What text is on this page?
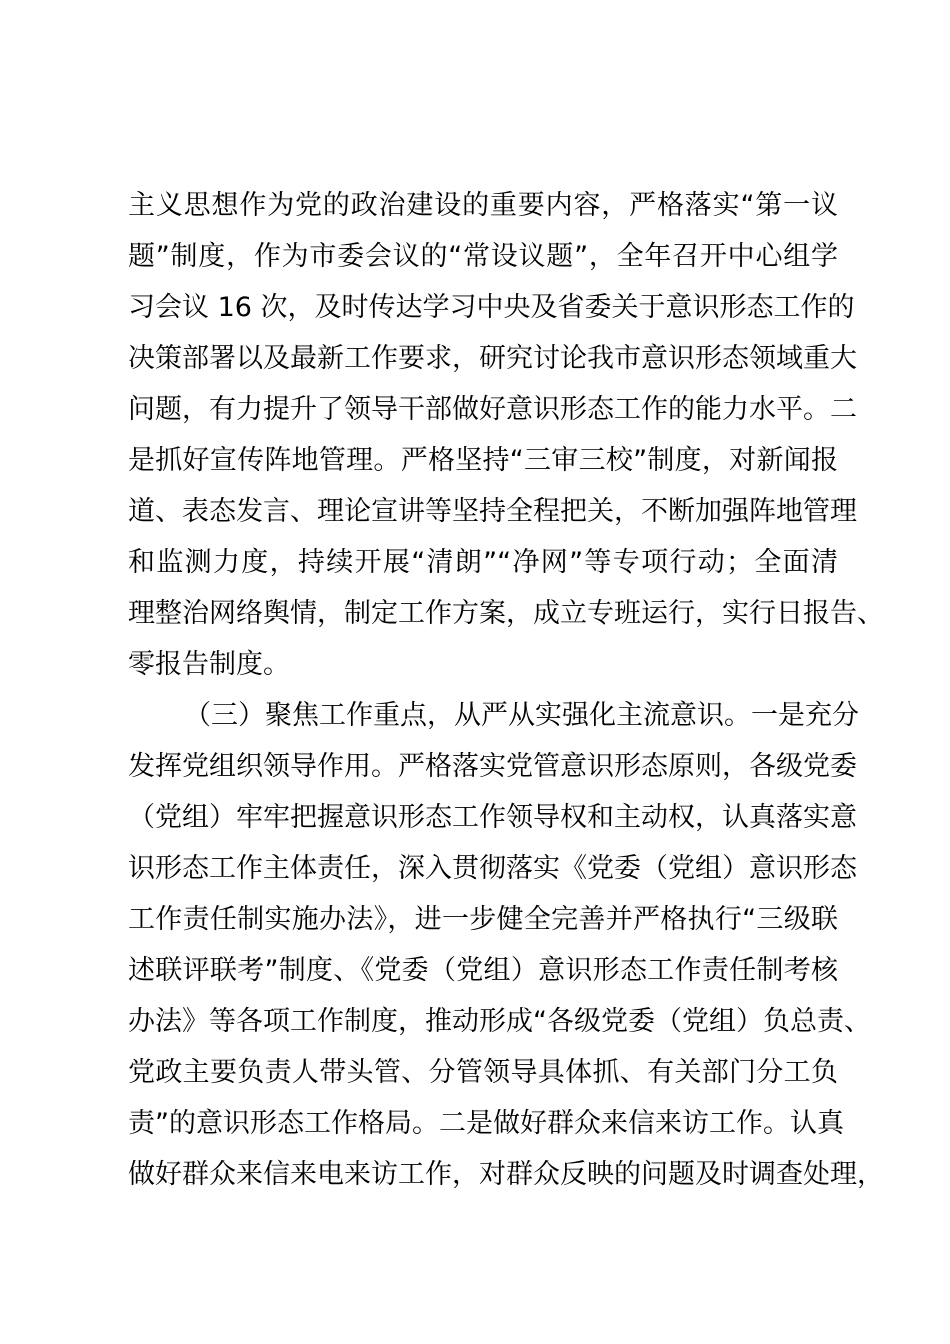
主义思想作为党的政治建设的重要内容，严格落实“第一议
题”制度，作为市委会议的“常设议题”，全年召开中心组学
习会议 16 次，及时传达学习中央及省委关于意识形态工作的
决策部署以及最新工作要求，研究讨论我市意识形态领域重大
问题，有力提升了领导干部做好意识形态工作的能力水平。二
是抓好宣传阵地管理。严格坚持“三审三校”制度，对新闻报
道、表态发言、理论宣讲等坚持全程把关，不断加强阵地管理
和监测力度，持续开展“清朗”“净网”等专项行动；全面清
理整治网络舆情，制定工作方案，成立专班运行，实行日报告、
零报告制度。
（三）聚焦工作重点，从严从实强化主流意识。一是充分
发挥党组织领导作用。严格落实党管意识形态原则，各级党委
（党组）牢牢把握意识形态工作领导权和主动权，认真落实意
识形态工作主体责任，深入贯彻落实《党委（党组）意识形态
工作责任制实施办法》，进一步健全完善并严格执行“三级联
述联评联考”制度、《党委（党组）意识形态工作责任制考核
办法》等各项工作制度，推动形成“各级党委（党组）负总责、
党政主要负责人带头管、分管领导具体抓、有关部门分工负
责”的意识形态工作格局。二是做好群众来信来访工作。认真
做好群众来信来电来访工作，对群众反映的问题及时调查处理，
